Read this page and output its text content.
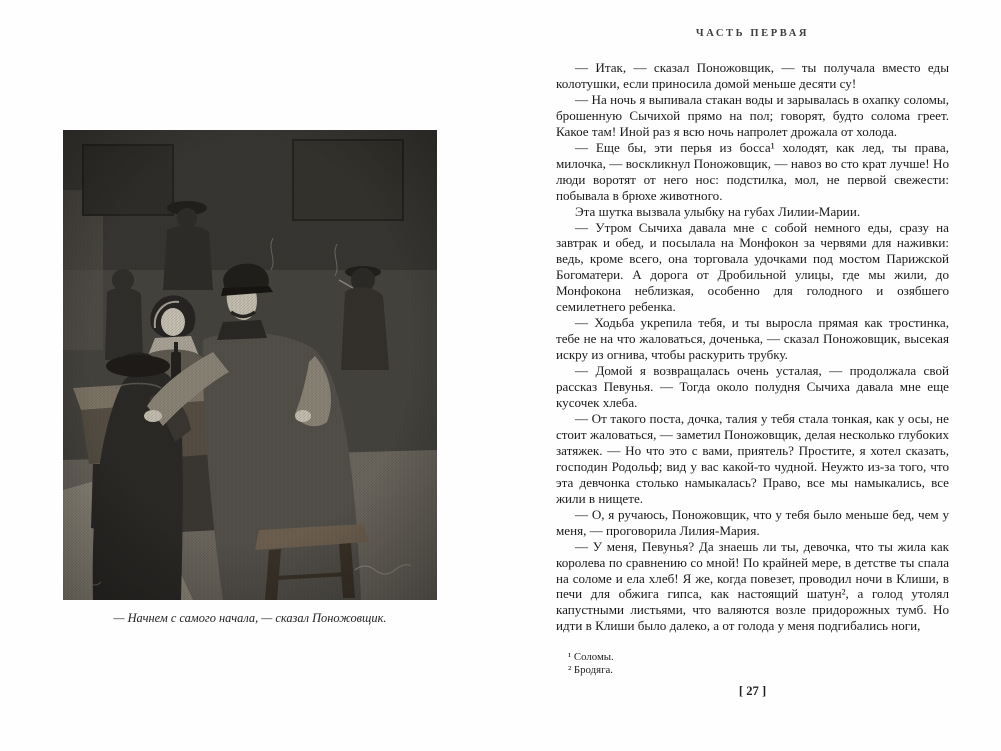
— Начнем с самого начала, — сказал Поножовщик.
ЧАСТЬ ПЕРВАЯ

— Итак, — сказал Поножовщик, — ты получала вместо еды колотушки, если приносила домой меньше десяти су!

— На ночь я выпивала стакан воды и зарывалась в охапку соломы, брошенную Сычихой прямо на пол; говорят, будто солома греет. Какое там! Иной раз я всю ночь напролет дрожала от холода.

— Еще бы, эти перья из босса¹ холодят, как лед, ты права, милочка, — воскликнул Поножовщик, — навоз во сто крат лучше! Но люди воротят от него нос: подстилка, мол, не первой свежести: побывала в брюхе животного.

Эта шутка вызвала улыбку на губах Лилии-Марии.

— Утром Сычиха давала мне с собой немного еды, сразу на завтрак и обед, и посылала на Монфокон за червями для наживки: ведь, кроме всего, она торговала удочками под мостом Парижской Богоматери. А дорога от Дробильной улицы, где мы жили, до Монфокона неблизкая, особенно для голодного и озябшего семилетнего ребенка.

— Ходьба укрепила тебя, и ты выросла прямая как тростинка, тебе не на что жаловаться, доченька, — сказал Поножовщик, высекая искру из огнива, чтобы раскурить трубку.

— Домой я возвращалась очень усталая, — продолжала свой рассказ Певунья. — Тогда около полудня Сычиха давала мне еще кусочек хлеба.

— От такого поста, дочка, талия у тебя стала тонкая, как у осы, не стоит жаловаться, — заметил Поножовщик, делая несколько глубоких затяжек. — Но что это с вами, приятель? Простите, я хотел сказать, господин Родольф; вид у вас какой-то чудной. Неужто из-за того, что эта девчонка столько намыкалась? Право, все мы намыкались, все жили в нищете.

— О, я ручаюсь, Поножовщик, что у тебя было меньше бед, чем у меня, — проговорила Лилия-Мария.

— У меня, Певунья? Да знаешь ли ты, девочка, что ты жила как королева по сравнению со мной! По крайней мере, в детстве ты спала на соломе и ела хлеб! Я же, когда повезет, проводил ночи в Клиши, в печи для обжига гипса, как настоящий шатун², а голод утолял капустными листьями, что валяются возле придорожных тумб. Но идти в Клиши было далеко, а от голода у меня подгибались ноги,

¹ Соломы.

² Бродяга.

[ 27 ]
